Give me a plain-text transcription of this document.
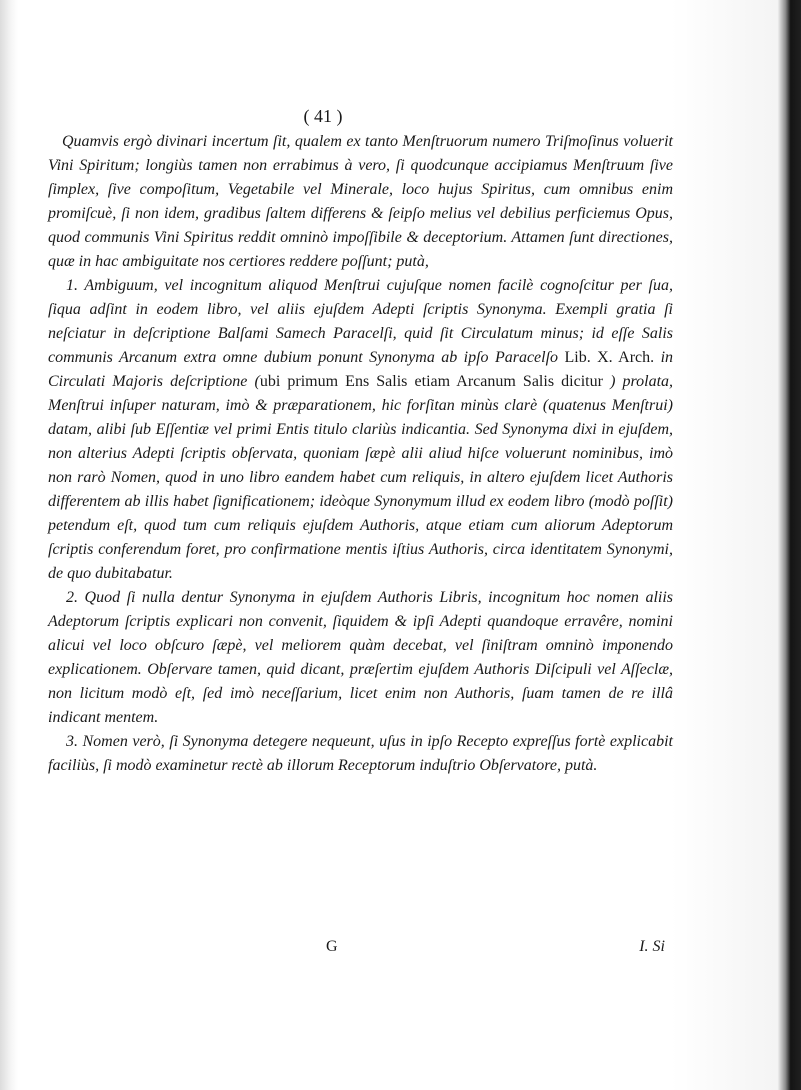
( 41 )

Quamvis ergò divinari incertum ſit, qualem ex tanto Menſtruorum numero Triſmoſinus voluerit Vini Spiritum; longiùs tamen non errabimus à vero, ſi quodcunque accipiamus Menſtruum ſive ſimplex, ſive compoſitum, Vegetabile vel Minerale, loco hujus Spiritus, cum omnibus enim promiſcuè, ſi non idem, gradibus ſaltem differens & ſeipſo melius vel debilius perficiemus Opus, quod communis Vini Spiritus reddit omninò impoſſibile & deceptorium. Attamen ſunt directiones, quæ in hac ambiguitate nos certiores reddere poſſunt; putà,

1. Ambiguum, vel incognitum aliquod Menſtrui cujuſque nomen facilè cognoſcitur per ſua, ſiqua adſint in eodem libro, vel aliis ejuſdem Adepti ſcriptis Synonyma. Exempli gratia ſi neſciatur in deſcriptione Balſami Samech Paracelſi, quid ſit Circulatum minus; id eſſe Salis communis Arcanum extra omne dubium ponunt Synonyma ab ipſo Paracelſo Lib. X. Arch. in Circulati Majoris deſcriptione (ubi primum Ens Salis etiam Arcanum Salis dicitur ) prolata, Menſtrui inſuper naturam, imò & præparationem, hic forſitan minùs clarè (quatenus Menſtrui) datam, alibi ſub Eſſentiæ vel primi Entis titulo clariùs indicantia. Sed Synonyma dixi in ejuſdem, non alterius Adepti ſcriptis obſervata, quoniam ſæpè alii aliud hiſce voluerunt nominibus, imò non rarò Nomen, quod in uno libro eandem habet cum reliquis, in altero ejuſdem licet Authoris differentem ab illis habet ſignificationem; ideòque Synonymum illud ex eodem libro (modò poſſit) petendum eſt, quod tum cum reliquis ejuſdem Authoris, atque etiam cum aliorum Adeptorum ſcriptis conferendum foret, pro confirmatione mentis iſtius Authoris, circa identitatem Synonymi, de quo dubitabatur.

2. Quod ſi nulla dentur Synonyma in ejuſdem Authoris Libris, incognitum hoc nomen aliis Adeptorum ſcriptis explicari non convenit, ſiquidem & ipſi Adepti quandoque erravêre, nomini alicui vel loco obſcuro ſæpè, vel meliorem quàm decebat, vel ſiniſtram omninò imponendo explicationem. Obſervare tamen, quid dicant, præſertim ejuſdem Authoris Diſcipuli vel Aſſeclæ, non licitum modò eſt, ſed imò neceſſarium, licet enim non Authoris, ſuam tamen de re illâ indicant mentem.

3. Nomen verò, ſi Synonyma detegere nequeunt, uſus in ipſo Recepto expreſſus fortè explicabit faciliùs, ſi modò examinetur rectè ab illorum Receptorum induſtrio Obſervatore, putà.

G	I. Si
